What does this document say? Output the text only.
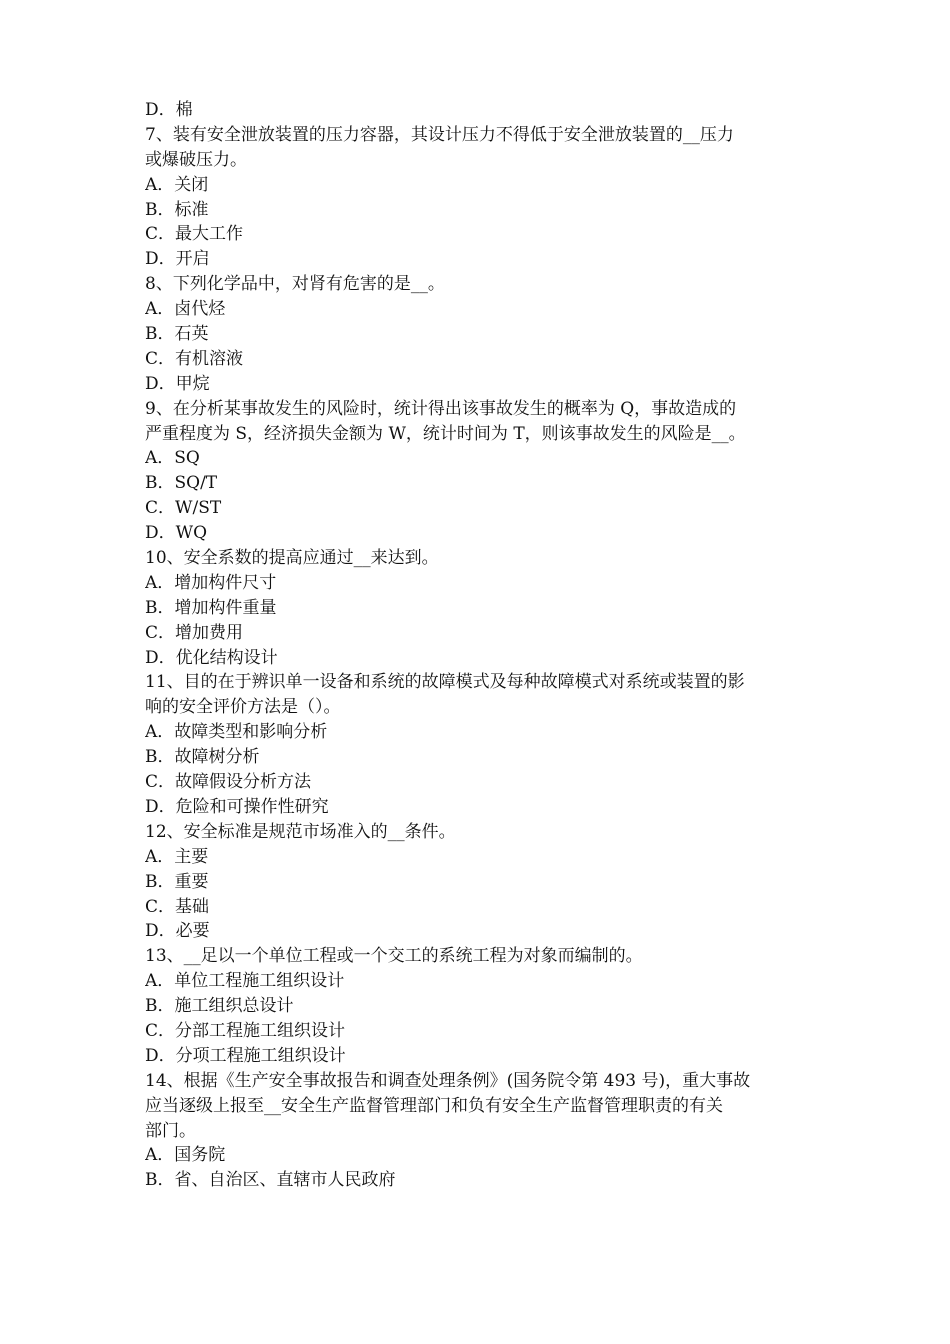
D．棉
7、装有安全泄放装置的压力容器，其设计压力不得低于安全泄放装置的__压力
或爆破压力。
A．关闭
B．标准
C．最大工作
D．开启
8、下列化学品中，对肾有危害的是__。
A．卤代烃
B．石英
C．有机溶液
D．甲烷
9、在分析某事故发生的风险时，统计得出该事故发生的概率为 Q，事故造成的
严重程度为 S，经济损失金额为 W，统计时间为 T，则该事故发生的风险是__。
A．SQ
B．SQ/T
C．W/ST
D．WQ
10、安全系数的提高应通过__来达到。
A．增加构件尺寸
B．增加构件重量
C．增加费用
D．优化结构设计
11、目的在于辨识单一设备和系统的故障模式及每种故障模式对系统或装置的影
响的安全评价方法是（）。
A．故障类型和影响分析
B．故障树分析
C．故障假设分析方法
D．危险和可操作性研究
12、安全标准是规范市场准入的__条件。
A．主要
B．重要
C．基础
D．必要
13、__足以一个单位工程或一个交工的系统工程为对象而编制的。
A．单位工程施工组织设计
B．施工组织总设计
C．分部工程施工组织设计
D．分项工程施工组织设计
14、根据《生产安全事故报告和调查处理条例》(国务院令第 493 号)，重大事故
应当逐级上报至__安全生产监督管理部门和负有安全生产监督管理职责的有关
部门。
A．国务院
B．省、自治区、直辖市人民政府
